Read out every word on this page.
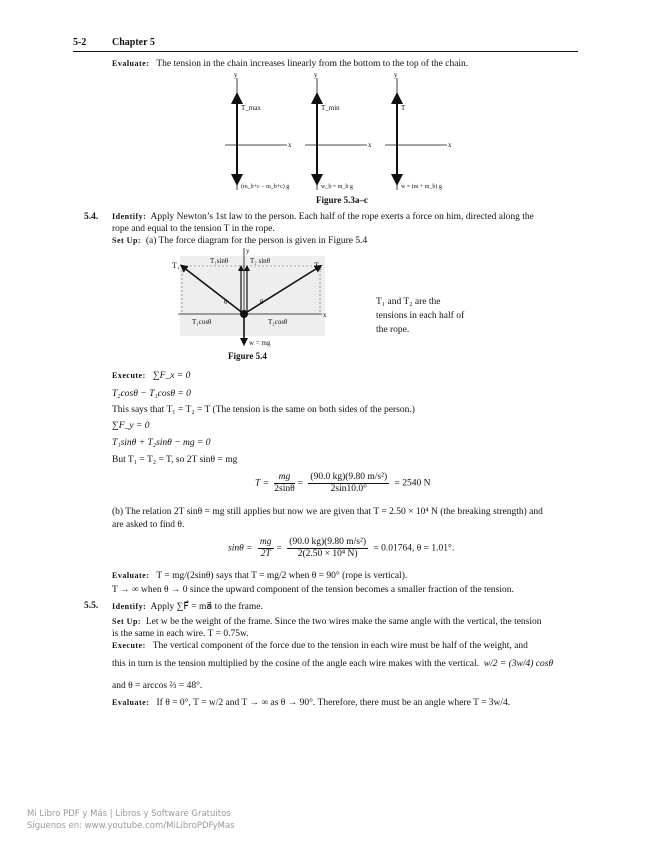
5-2	Chapter 5
Evaluate: The tension in the chain increases linearly from the bottom to the top of the chain.
y
x
T_max
(m_b+c − m_b+c) g
y
x
T_min
w_b = m_b g
y
x
T
w = (m + m_b) g
Figure 5.3a–c
5.4. Identify: Apply Newton’s 1st law to the person. Each half of the rope exerts a force on him, directed along the
rope and equal to the tension T in the rope.
Set Up: (a) The force diagram for the person is given in Figure 5.4
T₁	T₂
T₁sinθ	T₂ sinθ
T₁cosθ	T₂cosθ
θ	θ
w = mg
x
y
Figure 5.4
T₁ and T₂ are the
tensions in each half of
the rope.
Execute: ∑F_x = 0
T₂cosθ − T₁cosθ = 0
This says that T₁ = T₂ = T (The tension is the same on both sides of the person.)
∑F_y = 0
T₁sinθ + T₂sinθ − mg = 0
But T₁ = T₂ = T, so 2T sinθ = mg
$T = \frac{mg}{2\sin\theta} = \frac{\text{(90.0 kg)(9.80 m/s²)}}{2\sin 10.0^\circ} = 2540$ N
(b) The relation 2T sinθ = mg still applies but now we are given that T = 2.50 × 10⁴ N (the breaking strength) and
are asked to find θ.
$\sin\theta = \frac{mg}{2T} = \frac{\text{(90.0 kg)(9.80 m/s²)}}{\text{2(2.50 × 10⁴ N)}} = 0.01764$, θ = 1.01°.
Evaluate: T = mg/(2sinθ) says that T = mg/2 when θ = 90° (rope is vertical).
T → ∞ when θ → 0 since the upward component of the tension becomes a smaller fraction of the tension.
5.5. Identify: Apply ∑F⃗ = ma⃗ to the frame.
Set Up: Let w be the weight of the frame. Since the two wires make the same angle with the vertical, the tension
is the same in each wire. T = 0.75w.
Execute: The vertical component of the force due to the tension in each wire must be half of the weight, and
this in turn is the tension multiplied by the cosine of the angle each wire makes with the vertical. w/2 = (3w/4) cosθ
and θ = arccos ⅔ = 48°.
Evaluate: If θ = 0°, T = w/2 and T → ∞ as θ → 90°. Therefore, there must be an angle where T = 3w/4.
Mi Libro PDF y Más | Libros y Software Gratuitos
Síguenos en: www.youtube.com/MiLibroPDFyMas
